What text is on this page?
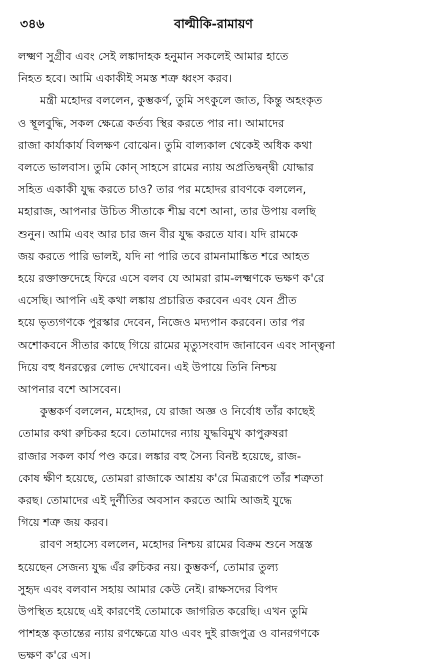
৩৪৬	বাল্মীকি-রামায়ণ

লক্ষ্মণ সুগ্রীব এবং সেই লঙ্কাদাহক হনুমান সকলেই আমার হাতে
নিহত হবে। আমি একাকীই সমস্ত শত্রু ধ্বংস করব।

মন্ত্রী মহোদর বললেন, কুম্ভকর্ণ, তুমি সৎকুলে জাত, কিন্তু অহংকৃত
ও স্থূলবুদ্ধি, সকল ক্ষেত্রে কর্তব্য স্থির করতে পার না। আমাদের
রাজা কার্যাকার্য বিলক্ষণ বোঝেন। তুমি বাল্যকাল থেকেই অধিক কথা
বলতে ভালবাস। তুমি কোন্‌ সাহসে রামের ন্যায় অপ্রতিদ্বন্দ্বী যোদ্ধার
সহিত একাকী যুদ্ধ করতে চাও? তার পর মহোদর রাবণকে বললেন,
মহারাজ, আপনার উচিত সীতাকে শীঘ্র বশে আনা, তার উপায় বলছি
শুনুন। আমি এবং আর চার জন বীর যুদ্ধ করতে যাব। যদি রামকে
জয় করতে পারি ভালই, যদি না পারি তবে রামনামাঙ্কিত শরে আহত
হয়ে রক্তাক্তদেহে ফিরে এসে বলব যে আমরা রাম-লক্ষ্মণকে ভক্ষণ ক'রে
এসেছি। আপনি এই কথা লঙ্কায় প্রচারিত করবেন এবং যেন প্রীত
হয়ে ভৃত্যগণকে পুরস্কার দেবেন, নিজেও মদ্যপান করবেন। তার পর
অশোকবনে সীতার কাছে গিয়ে রামের মৃত্যুসংবাদ জানাবেন এবং সান্ত্বনা
দিয়ে বহু ধনরত্নের লোভ দেখাবেন। এই উপায়ে তিনি নিশ্চয়
আপনার বশে আসবেন।

কুম্ভকর্ণ বললেন, মহোদর, যে রাজা অজ্ঞ ও নির্বোধ তাঁর কাছেই
তোমার কথা রুচিকর হবে। তোমাদের ন্যায় যুদ্ধবিমুখ কাপুরুষরা
রাজার সকল কার্য পণ্ড করে। লঙ্কার বহু সৈন্য বিনষ্ট হয়েছে, রাজ-
কোষ ক্ষীণ হয়েছে, তোমরা রাজাকে আশ্রয় ক'রে মিত্ররূপে তাঁর শত্রুতা
করছ। তোমাদের এই দুর্নীতির অবসান করতে আমি আজই যুদ্ধে
গিয়ে শত্রু জয় করব।

রাবণ সহাস্যে বললেন, মহোদর নিশ্চয় রামের বিক্রম শুনে সন্ত্রস্ত
হয়েছেন সেজন্য যুদ্ধ এঁর রুচিকর নয়। কুম্ভকর্ণ, তোমার তুল্য
সুহৃদ এবং বলবান সহায় আমার কেউ নেই। রাক্ষসদের বিপদ
উপস্থিত হয়েছে এই কারণেই তোমাকে জাগরিত করেছি। এখন তুমি
পাশহস্ত কৃতান্তের ন্যায় রণক্ষেত্রে যাও এবং দুই রাজপুত্র ও বানরগণকে
ভক্ষণ ক'রে এস।
